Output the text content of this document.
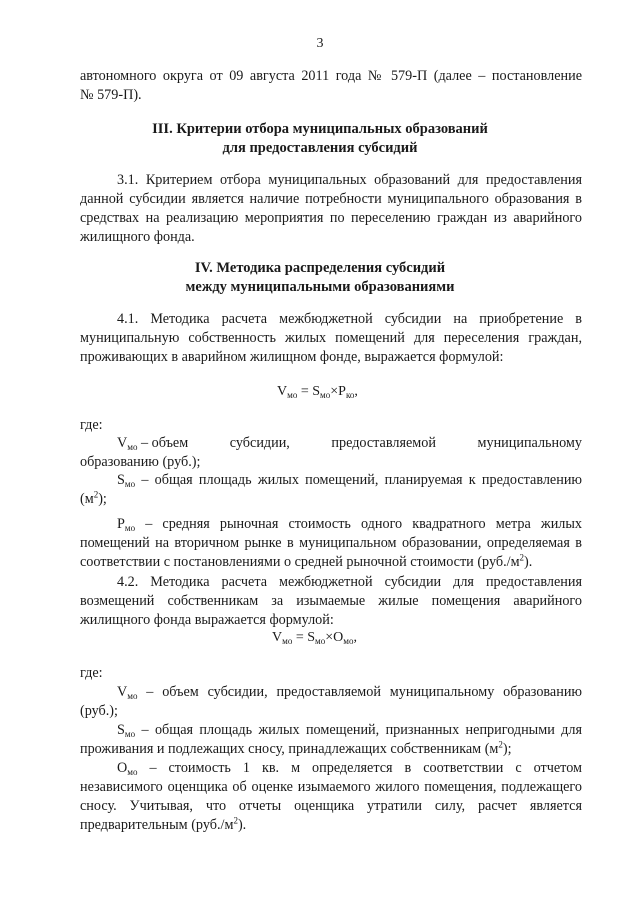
3
автономного округа от 09 августа 2011 года № 579-П (далее – постановление
№ 579-П).
III. Критерии отбора муниципальных образований
для предоставления субсидий
3.1. Критерием отбора муниципальных образований для предоставления
данной субсидии является наличие потребности муниципального образования в
средствах на реализацию мероприятия по переселению граждан из аварийного
жилищного фонда.
IV. Методика распределения субсидий
между муниципальными образованиями
4.1. Методика расчета межбюджетной субсидии на приобретение в
муниципальную собственность жилых помещений для переселения граждан,
проживающих в аварийном жилищном фонде, выражается формулой:
$V_{мо} = S_{мо}\times P_{ко}$,
где:
$V_{мо}$ – объем	субсидии,	предоставляемой	муниципальному
образованию (руб.);
$S_{мо}$ – общая площадь жилых помещений, планируемая к предоставлению
$(м^2)$;
$P_{мо}$ – средняя рыночная стоимость одного квадратного метра жилых
помещений на вторичном рынке в муниципальном образовании, определяемая в
соответствии с постановлениями о средней рыночной стоимости $(руб./м^2)$.
4.2. Методика расчета межбюджетной субсидии для предоставления
возмещений собственникам за изымаемые жилые помещения аварийного
жилищного фонда выражается формулой:
$V_{мо} = S_{мо}\times O_{мо}$,
где:
$V_{мо}$ – объем субсидии, предоставляемой муниципальному образованию
(руб.);
$S_{мо}$ – общая площадь жилых помещений, признанных непригодными для
проживания и подлежащих сносу, принадлежащих собственникам $(м^2)$;
$O_{мо}$ – стоимость 1 кв. м определяется в соответствии с отчетом
независимого оценщика об оценке изымаемого жилого помещения, подлежащего
сносу. Учитывая, что отчеты оценщика утратили силу, расчет является
предварительным $(руб./м^2)$.
